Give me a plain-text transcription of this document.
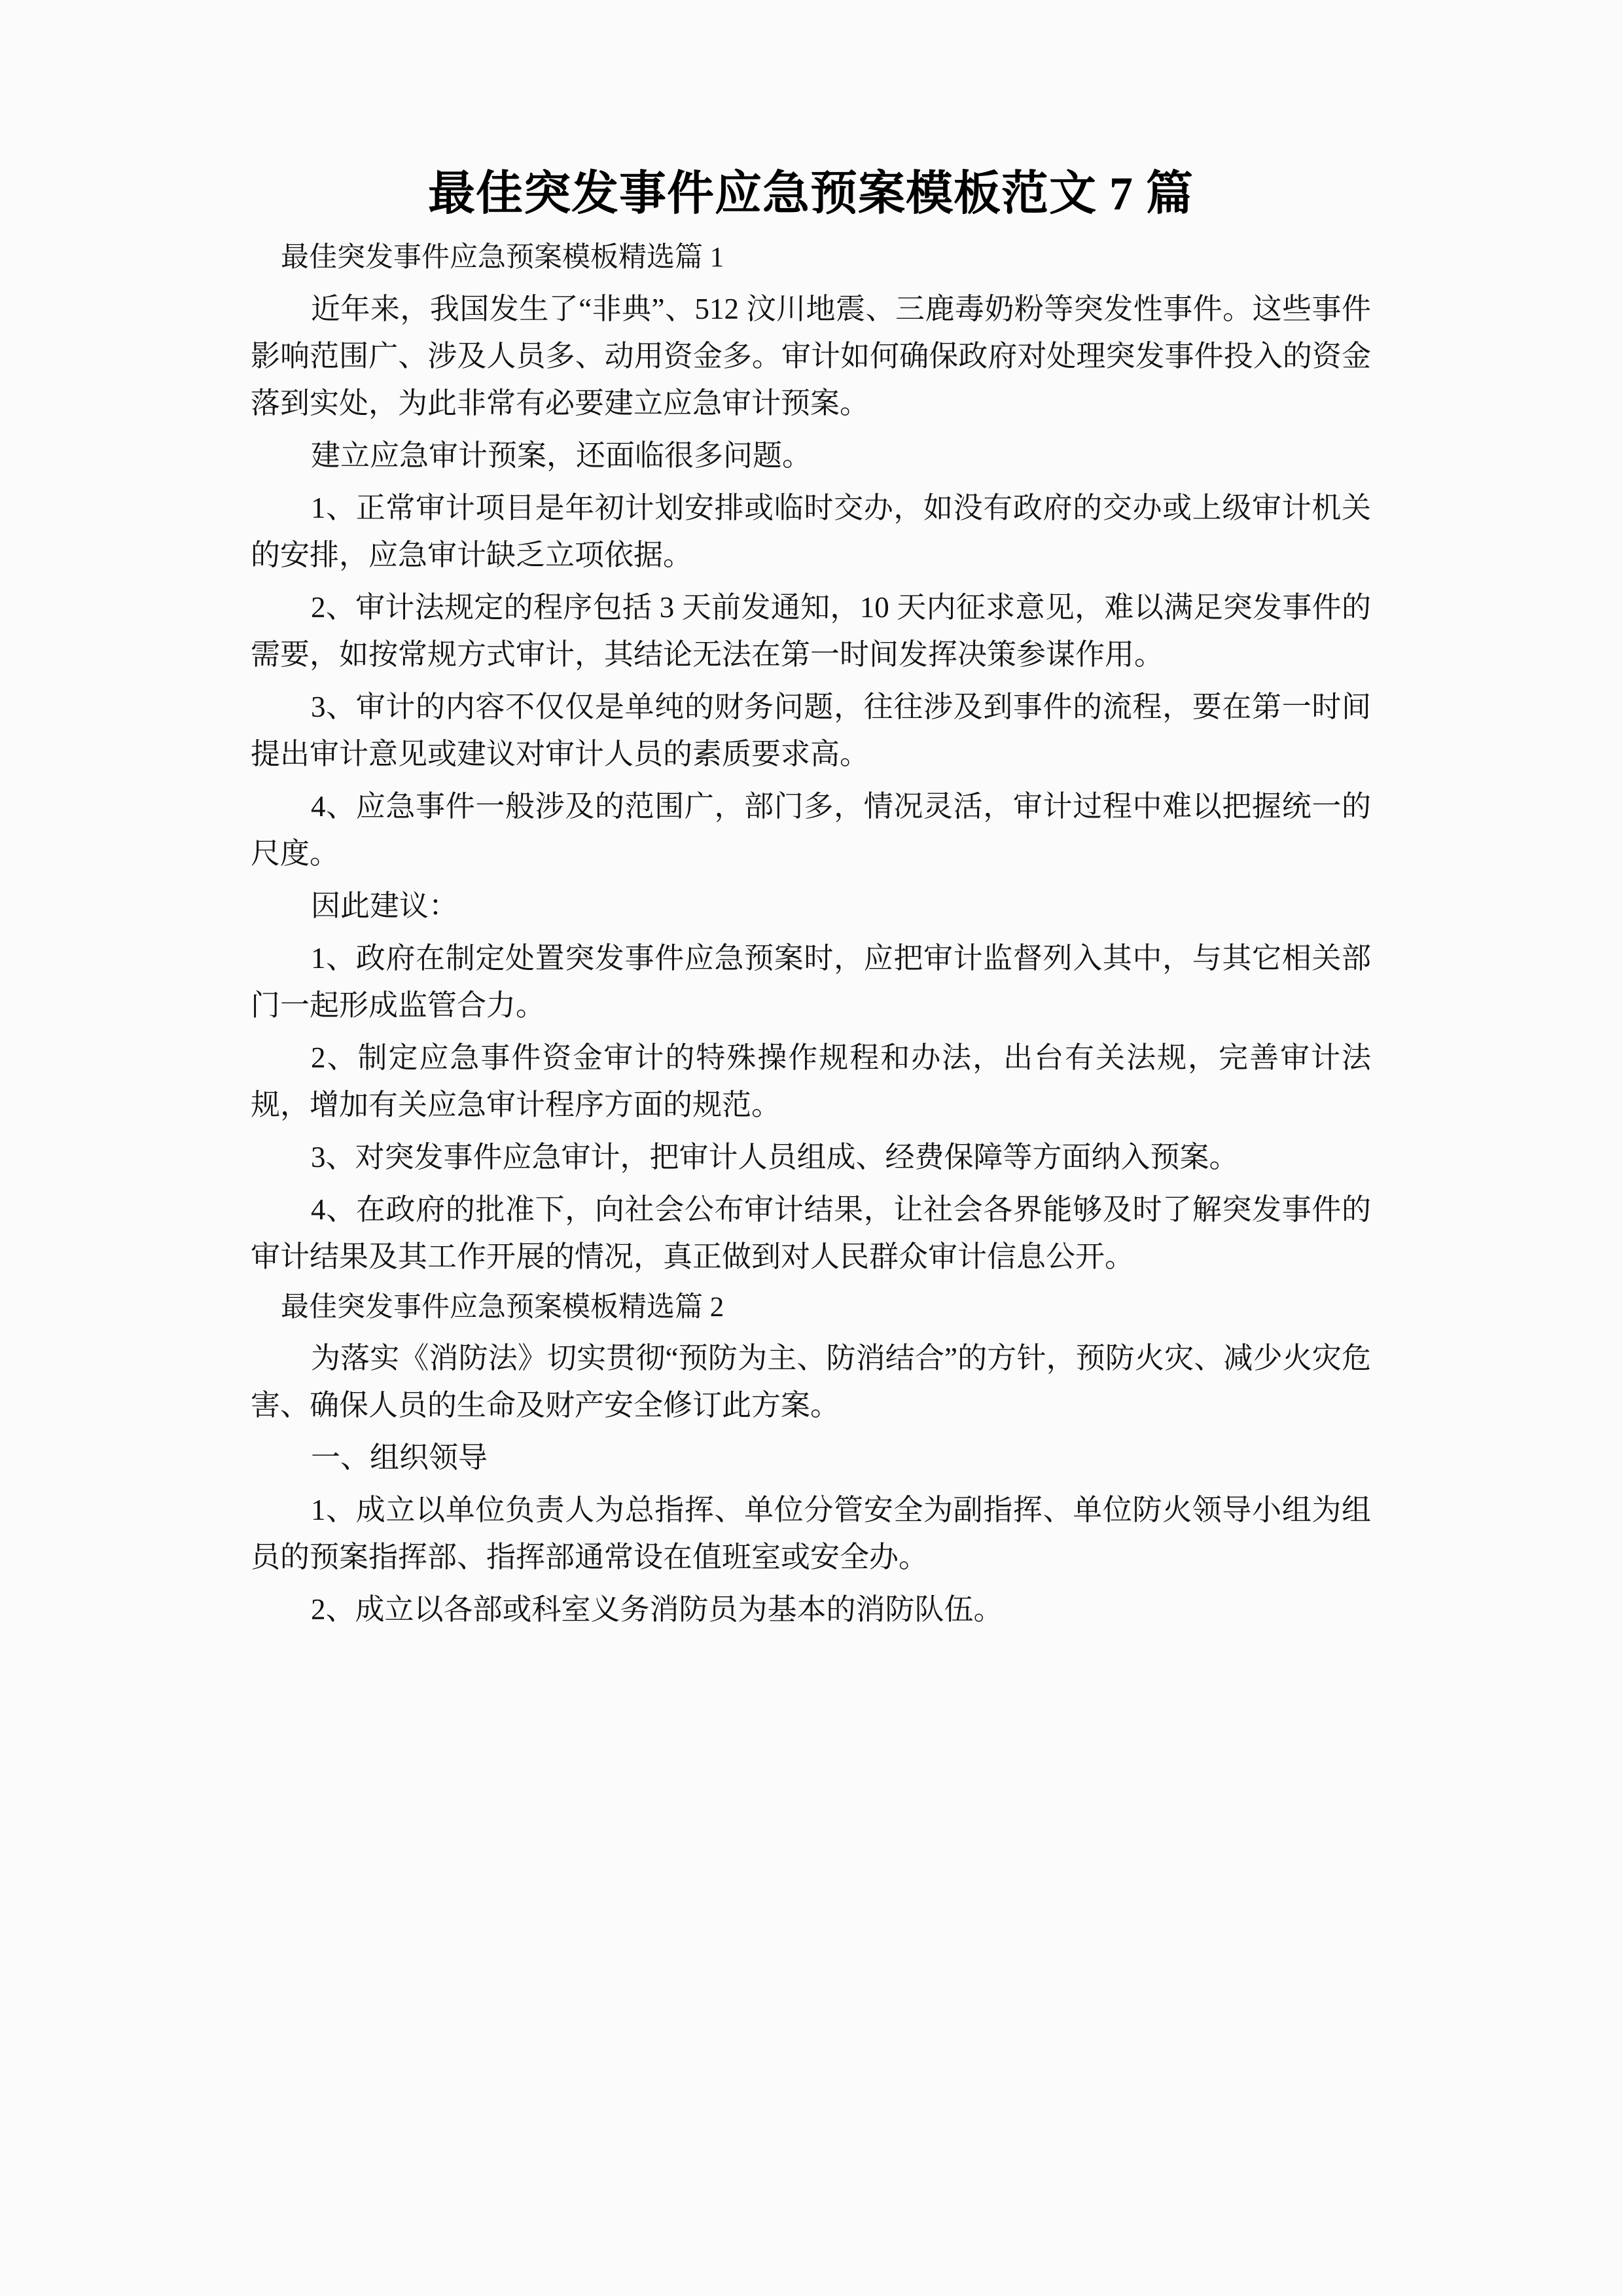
最佳突发事件应急预案模板范文 7 篇

最佳突发事件应急预案模板精选篇 1

近年来，我国发生了“非典”、512 汶川地震、三鹿毒奶粉等突发性事件。这些事件影响范围广、涉及人员多、动用资金多。审计如何确保政府对处理突发事件投入的资金落到实处，为此非常有必要建立应急审计预案。

建立应急审计预案，还面临很多问题。

1、正常审计项目是年初计划安排或临时交办，如没有政府的交办或上级审计机关的安排，应急审计缺乏立项依据。

2、审计法规定的程序包括 3 天前发通知，10 天内征求意见，难以满足突发事件的需要，如按常规方式审计，其结论无法在第一时间发挥决策参谋作用。

3、审计的内容不仅仅是单纯的财务问题，往往涉及到事件的流程，要在第一时间提出审计意见或建议对审计人员的素质要求高。

4、应急事件一般涉及的范围广，部门多，情况灵活，审计过程中难以把握统一的尺度。

因此建议：

1、政府在制定处置突发事件应急预案时，应把审计监督列入其中，与其它相关部门一起形成监管合力。

2、制定应急事件资金审计的特殊操作规程和办法，出台有关法规，完善审计法规，增加有关应急审计程序方面的规范。

3、对突发事件应急审计，把审计人员组成、经费保障等方面纳入预案。

4、在政府的批准下，向社会公布审计结果，让社会各界能够及时了解突发事件的审计结果及其工作开展的情况，真正做到对人民群众审计信息公开。

最佳突发事件应急预案模板精选篇 2

为落实《消防法》切实贯彻“预防为主、防消结合”的方针，预防火灾、减少火灾危害、确保人员的生命及财产安全修订此方案。

一、组织领导

1、成立以单位负责人为总指挥、单位分管安全为副指挥、单位防火领导小组为组员的预案指挥部、指挥部通常设在值班室或安全办。

2、成立以各部或科室义务消防员为基本的消防队伍。
